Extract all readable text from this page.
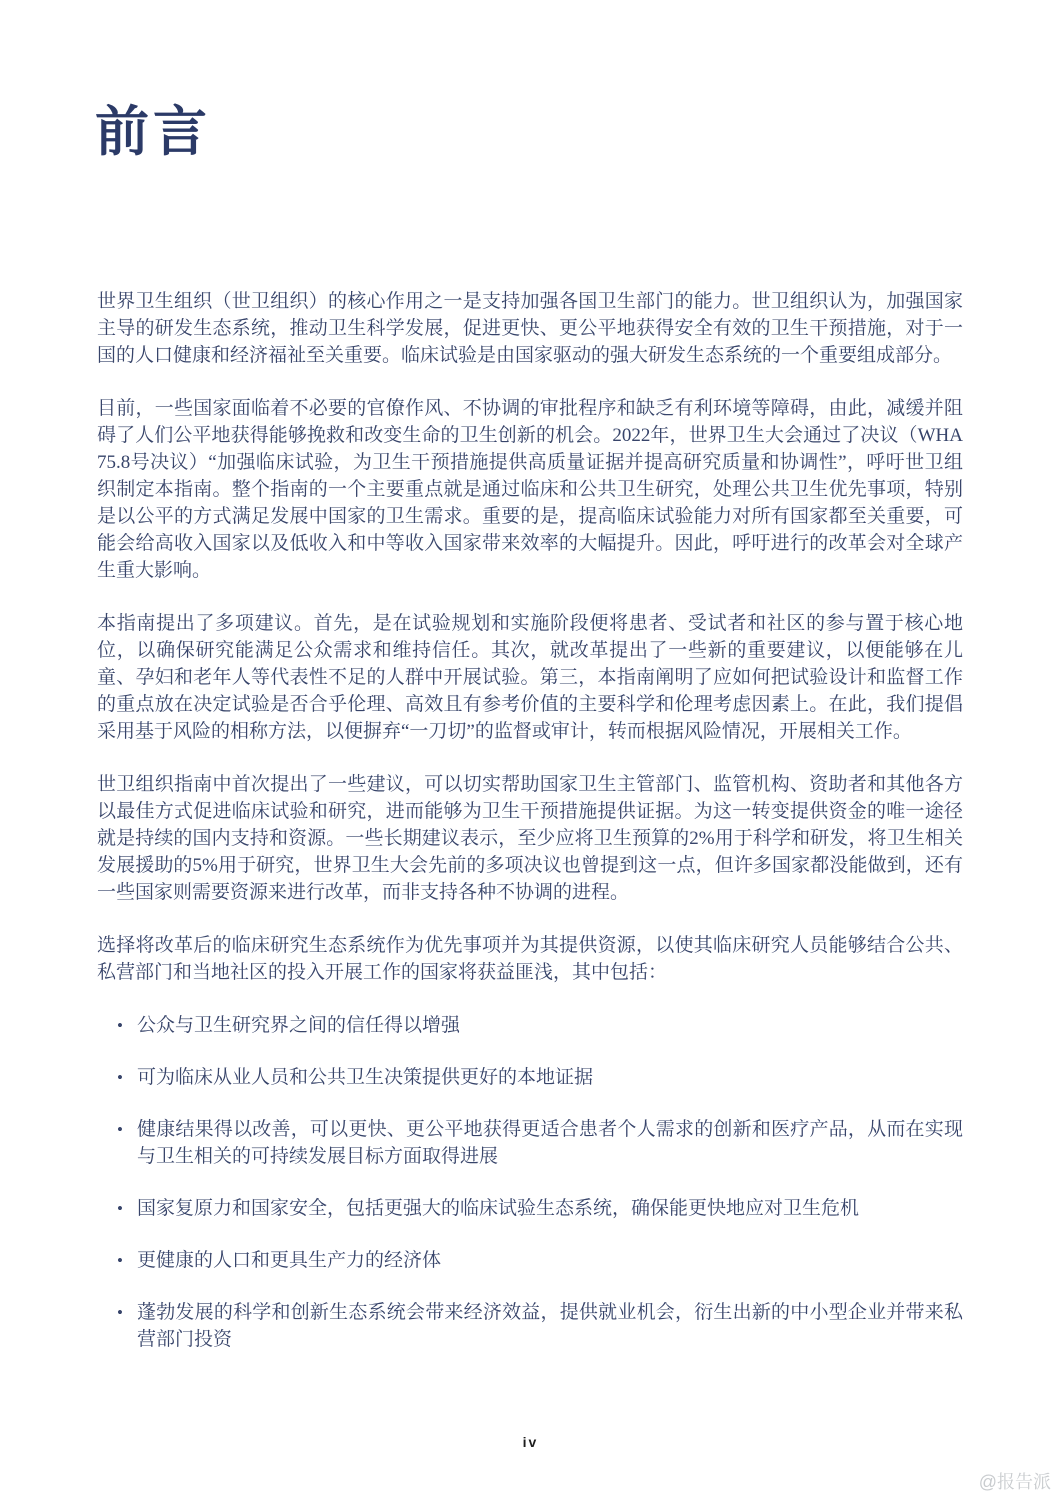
前言

世界卫生组织（世卫组织）的核心作用之一是支持加强各国卫生部门的能力。世卫组织认为，加强国家主导的研发生态系统，推动卫生科学发展，促进更快、更公平地获得安全有效的卫生干预措施，对于一国的人口健康和经济福祉至关重要。临床试验是由国家驱动的强大研发生态系统的一个重要组成部分。

目前，一些国家面临着不必要的官僚作风、不协调的审批程序和缺乏有利环境等障碍，由此，减缓并阻碍了人们公平地获得能够挽救和改变生命的卫生创新的机会。2022年，世界卫生大会通过了决议（WHA 75.8号决议）“加强临床试验，为卫生干预措施提供高质量证据并提高研究质量和协调性”，呼吁世卫组织制定本指南。整个指南的一个主要重点就是通过临床和公共卫生研究，处理公共卫生优先事项，特别是以公平的方式满足发展中国家的卫生需求。重要的是，提高临床试验能力对所有国家都至关重要，可能会给高收入国家以及低收入和中等收入国家带来效率的大幅提升。因此，呼吁进行的改革会对全球产生重大影响。

本指南提出了多项建议。首先，是在试验规划和实施阶段便将患者、受试者和社区的参与置于核心地位，以确保研究能满足公众需求和维持信任。其次，就改革提出了一些新的重要建议，以便能够在儿童、孕妇和老年人等代表性不足的人群中开展试验。第三，本指南阐明了应如何把试验设计和监督工作的重点放在决定试验是否合乎伦理、高效且有参考价值的主要科学和伦理考虑因素上。在此，我们提倡采用基于风险的相称方法，以便摒弃“一刀切”的监督或审计，转而根据风险情况，开展相关工作。

世卫组织指南中首次提出了一些建议，可以切实帮助国家卫生主管部门、监管机构、资助者和其他各方以最佳方式促进临床试验和研究，进而能够为卫生干预措施提供证据。为这一转变提供资金的唯一途径就是持续的国内支持和资源。一些长期建议表示，至少应将卫生预算的2%用于科学和研发，将卫生相关发展援助的5%用于研究，世界卫生大会先前的多项决议也曾提到这一点，但许多国家都没能做到，还有一些国家则需要资源来进行改革，而非支持各种不协调的进程。

选择将改革后的临床研究生态系统作为优先事项并为其提供资源，以使其临床研究人员能够结合公共、私营部门和当地社区的投入开展工作的国家将获益匪浅，其中包括：

• 公众与卫生研究界之间的信任得以增强
• 可为临床从业人员和公共卫生决策提供更好的本地证据
• 健康结果得以改善，可以更快、更公平地获得更适合患者个人需求的创新和医疗产品，从而在实现与卫生相关的可持续发展目标方面取得进展
• 国家复原力和国家安全，包括更强大的临床试验生态系统，确保能更快地应对卫生危机
• 更健康的人口和更具生产力的经济体
• 蓬勃发展的科学和创新生态系统会带来经济效益，提供就业机会，衍生出新的中小型企业并带来私营部门投资
iv
@报告派
